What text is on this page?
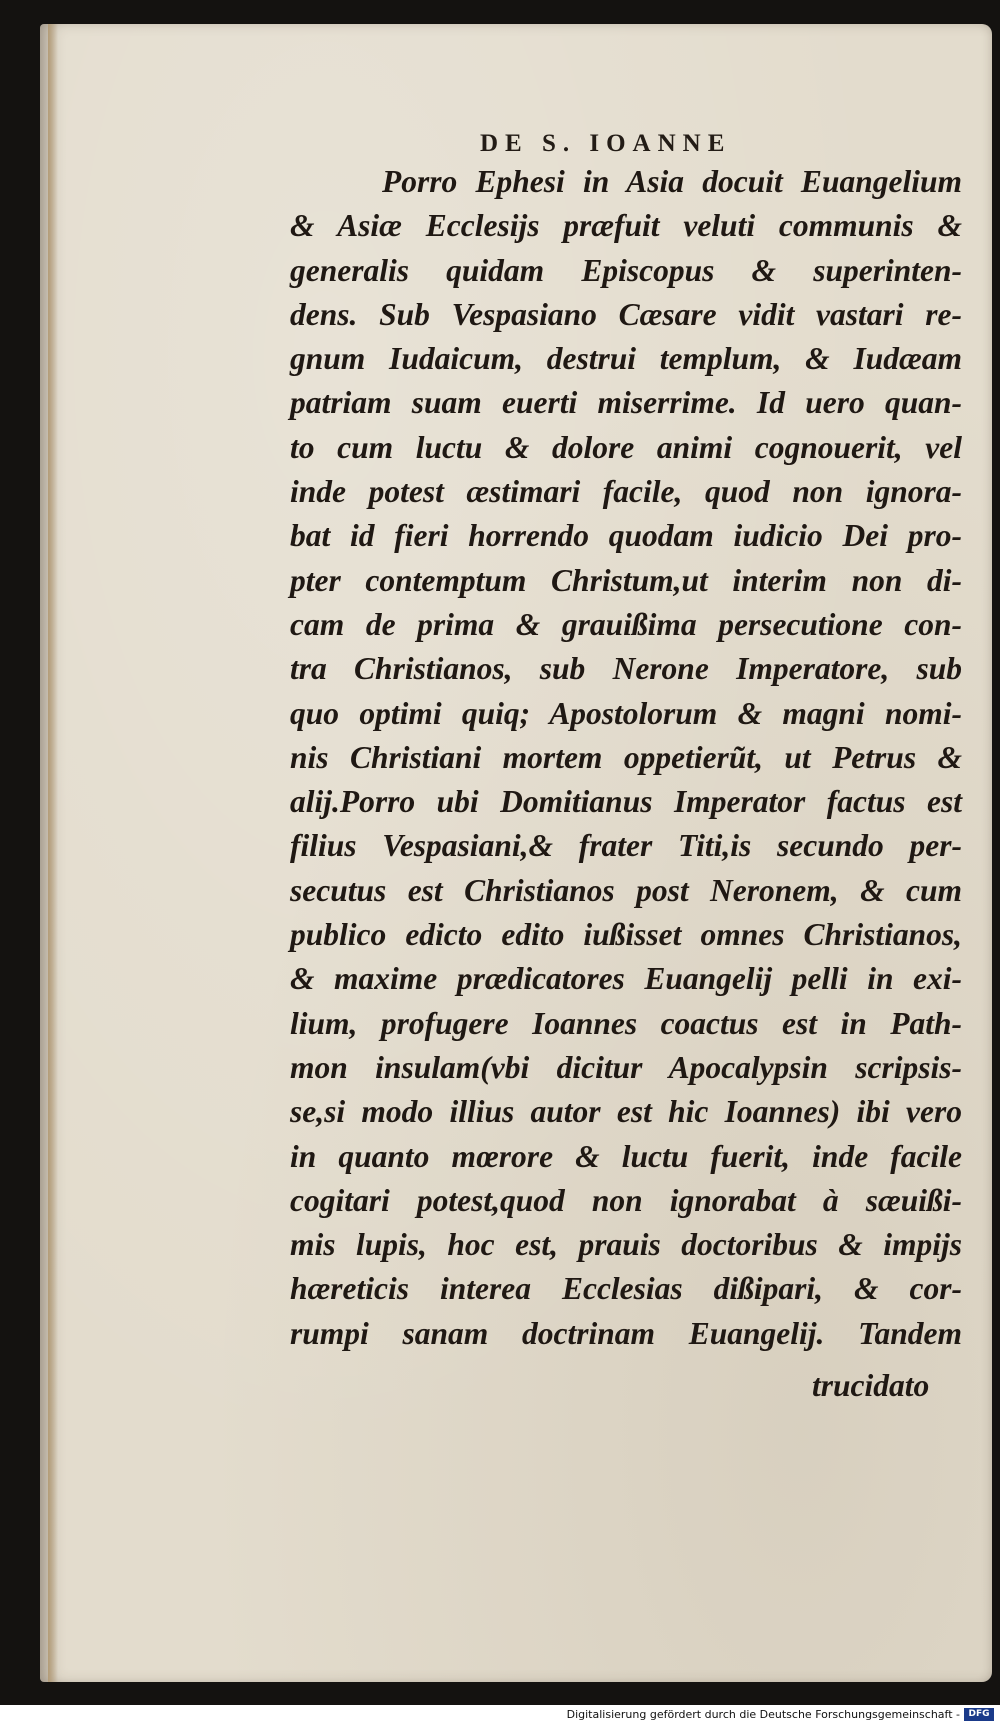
DE S. IOANNE
Porro Ephesi in Asia docuit Euangelium
& Asiæ Ecclesijs præfuit veluti communis &
generalis quidam Episcopus & superinten-
dens. Sub Vespasiano Cæsare vidit vastari re-
gnum Iudaicum, destrui templum, & Iudæam
patriam suam euerti miserrime. Id uero quan-
to cum luctu & dolore animi cognouerit, vel
inde potest æstimari facile, quod non ignora-
bat id fieri horrendo quodam iudicio Dei pro-
pter contemptum Christum,ut interim non di-
cam de prima & grauißima persecutione con-
tra Christianos, sub Nerone Imperatore, sub
quo optimi quiq; Apostolorum & magni nomi-
nis Christiani mortem oppetierũt, ut Petrus &
alij.Porro ubi Domitianus Imperator factus est
filius Vespasiani,& frater Titi,is secundo per-
secutus est Christianos post Neronem, & cum
publico edicto edito iußisset omnes Christianos,
& maxime prædicatores Euangelij pelli in exi-
lium, profugere Ioannes coactus est in Path-
mon insulam(vbi dicitur Apocalypsin scripsis-
se,si modo illius autor est hic Ioannes) ibi vero
in quanto mœrore & luctu fuerit, inde facile
cogitari potest,quod non ignorabat à sæuißi-
mis lupis, hoc est, prauis doctoribus & impijs
hæreticis interea Ecclesias dißipari, & cor-
rumpi sanam doctrinam Euangelij. Tandem
trucidato
Digitalisierung gefördert durch die Deutsche Forschungsgemeinschaft - DFG
